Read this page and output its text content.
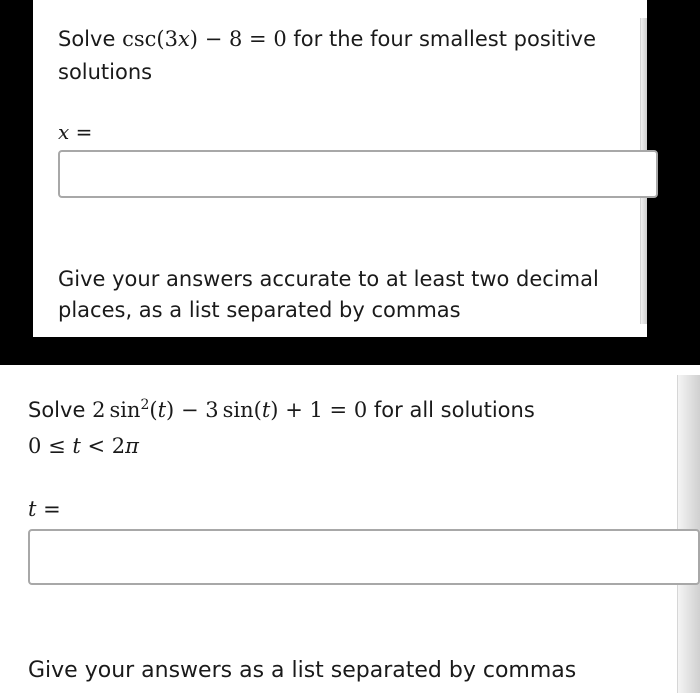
Solve csc(3x) − 8 = 0 for the four smallest positive solutions
x =
Give your answers accurate to at least two decimal places, as a list separated by commas
Solve 2 $\sin^2(t) - 3$ sin(t) + 1 = 0 for all solutions
0 ≤ t < 2π
t =
Give your answers as a list separated by commas
